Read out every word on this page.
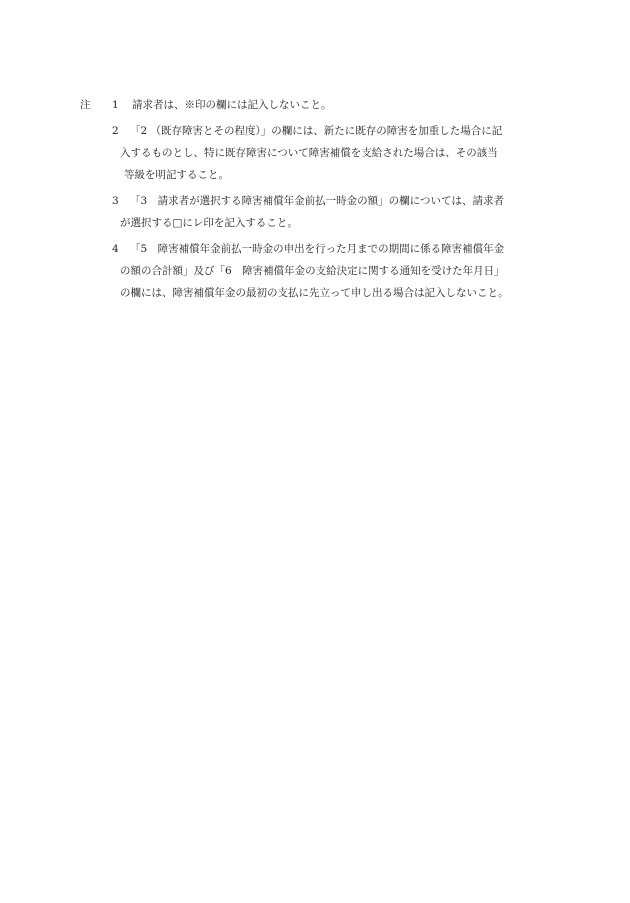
注 1	請求者は、※印の欄には記入しないこと。
2	「2 （既存障害とその程度）」の欄には、新たに既存の障害を加重した場合に記
入するものとし、特に既存障害について障害補償を支給された場合は、その該当
等級を明記すること。
3	「3　請求者が選択する障害補償年金前払一時金の額」の欄については、請求者
が選択する□にレ印を記入すること。
4	「5　障害補償年金前払一時金の申出を行った月までの期間に係る障害補償年金
の額の合計額」及び「6　障害補償年金の支給決定に関する通知を受けた年月日」
の欄には、障害補償年金の最初の支払に先立って申し出る場合は記入しないこと。
